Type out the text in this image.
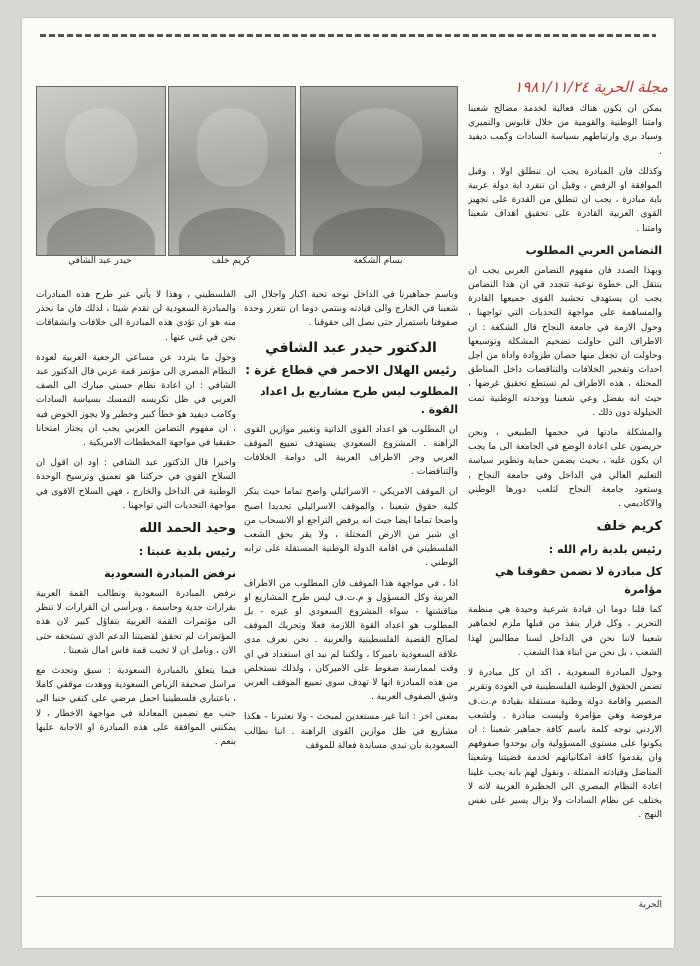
مجلة الحرية ١٩٨١/١١/٢٤
بسام الشكعة
كريم خلف
حيدر عبد الشافي

يمكن ان يكون هناك فعالية لخدمة مصالح شعبنا وامتنا الوطنية والقومية من خلال قابوس والنميري وسياد بري وارتباطهم بسياسة السادات وكمب ديفيد .

وكذلك فان المبادرة يجب ان تنطلق اولا ، وقبل الموافقة او الرفض ، وقبل ان تنفرد اية دولة عربية باية مبادرة ، يجب ان تنطلق من القدرة على تجهيز القوى العربية القادرة على تحقيق اهداف شعبنا وامتنا .

التضامن العربي المطلوب

وبهذا الصدد فان مفهوم التضامن العربي يجب ان ينتقل الى خطوة نوعية تتجدد في ان هذا التضامن يجب ان يستهدف تحشيد القوى جميعها القادرة والمساهمة على مواجهة التحديات التي تواجهنا ، وحول الازمة في جامعة النجاح قال الشكعة : ان الاطراف التي حاولت تضخيم المشكلة وتوسيعها وحاولت ان تجعل منها حصان طروادة واداة من اجل احداث وتفجير الخلافات والتناقضات داخل المناطق المحتلة ، هذه الاطراف لم تستطع تحقيق غرضها ، حيث انه بفضل وعي شعبنا ووحدته الوطنية تمت الحيلولة دون ذلك .

والمشكلة مادتها في حجمها الطبيعي ، ونحن حريصون على اعادة الوضع في الجامعة الى ما يجب ان يكون عليه ، بحيث يضمن حماية وتطوير سياسة التعليم العالي في الداخل وفي جامعة النجاح ، وستعود جامعة النجاح لتلعب دورها الوطني والاكاديمي .

كريم خلف
رئيس بلدية رام الله :
كل مبادرة لا تضمن حقوقنا هي مؤامرة

كما قلنا دوما ان قيادة شرعية وحيدة هي منظمة التحرير ، وكل قرار ينفذ من قبلها ملزم لجماهير شعبنا لاننا نحن في الداخل لسنا مطالبين لهذا الشعب ، بل نحن من ابناء هذا الشعب .

وحول المبادرة السعودية ، اكد ان كل مبادرة لا تضمن الحقوق الوطنية الفلسطينية في العودة وتقرير المصير واقامة دولة وطنية مستقلة بقيادة م.ت.ف مرفوضة وهي مؤامرة وليست مبادرة . ولشعب الاردني نوجه كلمة باسم كافة جماهير شعبنا : ان يكونوا على مستوى المسؤولية وان يوحدوا صفوفهم وان يقدموا كافة امكانياتهم لخدمة قضيتنا وشعبنا المناضل وقيادته الممثلة ، ونقول لهم بانه يجب علينا اعادة النظام المصري الى الحظيرة العربية لانه لا يختلف عن نظام السادات ولا يزال يسير على نفس النهج .

وباسم جماهيرنا في الداخل نوجه تحية اكبار واجلال الى شعبنا في الخارج والى قيادته وننتمي دوما ان تتعزز وحدة صفوفنا باستمرار حتى نصل الى حقوقنا .

الدكتور حيدر عبد الشافي
رئيس الهلال الاحمر في قطاع غزة :
المطلوب ليس طرح مشاريع بل اعداد القوة .

ان المطلوب هو اعداد القوى الذاتية وتغيير موازين القوى الراهنة . المشروع السعودي يستهدف تمييع الموقف العربي وجر الاطراف العربية الى دوامة الخلافات والتناقضات .

ان الموقف الامريكي - الاسرائيلي واضح تماما حيث ينكر كلية حقوق شعبنا ، والموقف الاسرائيلي تحديدا اصبح واضحا تماما ايضا حيث انه يرفض التراجع او الانسحاب من اي شبر من الارض المحتلة ، ولا يقر بحق الشعب الفلسطيني في اقامة الدولة الوطنية المستقلة على ترابه الوطني .

اذا ، في مواجهة هذا الموقف فان المطلوب من الاطراف العربية وكل المسؤول و م.ت.ف ليس طرح المشاريع او مناقشتها - سواء المشروع السعودي او غيره - بل المطلوب هو اعداد القوة اللازمة فعلا وتحريك الموقف لصالح القضية الفلسطينية والعربية . نحن نعرف مدى علاقة السعودية باميركا ، ولكننا لم نبد اي استعداد في اي وقت لممارسة ضغوط على الاميركان ، ولذلك نستخلص من هذه المبادرة انها لا تهدف سوى تمييع الموقف العربي وشق الصفوف العربية .

بمعنى اخر : اننا غير مستعدين لمبحث - ولا نعتبرنا - هكذا مشاريع في ظل موازين القوى الراهنة . اننا نطالب السعودية بان تبدي مساندة فعالة للموقف

الفلسطيني ، وهذا لا يأتي عبر طرح هذه المبادرات والمبادرة السعودية لن تقدم شيئا ، لذلك فان ما نحذر منه هو ان تؤدي هذه المبادرة الى خلافات وانشقاقات نحن في غنى عنها .

وحول ما يتردد عن مساعي الرجعية العربية لعودة النظام المصري الى مؤتمر قمة عربي قال الدكتور عبد الشافي : ان اعادة نظام حسني مبارك الى الصف العربي في ظل تكريسه التمسك بسياسة السادات وكامب ديفيد هو خطأ كبير وخطير ولا يجوز الخوض فيه ، ان مفهوم التضامن العربي يجب ان يجتاز امتحانا حقيقيا في مواجهة المخططات الامريكية .

واخيرا قال الدكتور عبد الشافي : اود ان اقول ان السلاح القوي في حركتنا هو تعميق وترسيخ الوحدة الوطنية في الداخل والخارج ، فهي السلاح الاقوى في مواجهة التحديات التي تواجهنا .

وحيد الحمد الله
رئيس بلدية عنبتا :
نرفض المبادرة السعودية

نرفض المبادرة السعودية ونطالب القمة العربية بقرارات جدية وحاسمة ، وبرأسي ان القرارات لا تنظر الى مؤتمرات القمة العربية بتفاؤل كبير لان هذه المؤتمرات لم تحقق لقضيتنا الدعم الذي تستحقه حتى الان ، ونامل ان لا تخيب قمة فاس امال شعبنا .

فيما يتعلق بالمبادرة السعودية : سبق وتحدث مع مراسل صحيفة الرياض السعودية ووهدت موقفي كاملا ، باعتباري فلسطينيا احمل مرضي على كتفي جنبا الى جنب مع تضمين المعادلة في مواجهة الاخطار ، لا يمكنني الموافقة على هذه المبادرة او الاجابة عليها بنعم .

الحرية
